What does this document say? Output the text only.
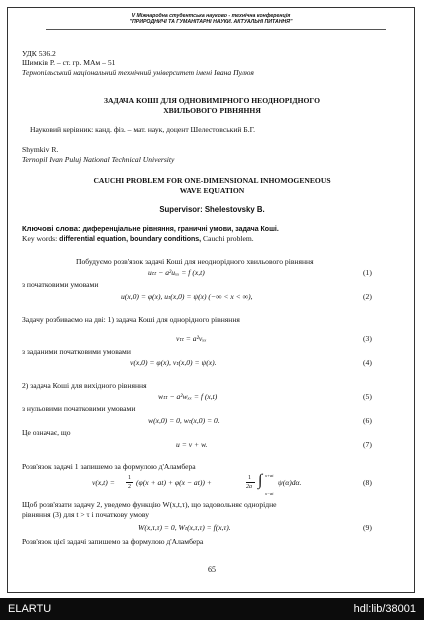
V Міжнародна студентська науково - технічна конференція
"ПРИРОДНИЧІ ТА ГУМАНІТАРНІ НАУКИ. АКТУАЛЬНІ ПИТАННЯ"
УДК 536.2
Шимків Р. – ст. гр. МАм – 51
Тернопільський національний технічний університет імені Івана Пулюя
ЗАДАЧА КОШІ ДЛЯ ОДНОВИМІРНОГО НЕОДНОРІДНОГО
ХВИЛЬОВОГО РІВНЯННЯ
Науковий керівник: канд. фіз. – мат. наук, доцент Шелестовський Б.Г.
Shymkiv R.
Ternopil Ivan Puluj National Technical University
CAUCHI PROBLEM FOR ONE-DIMENSIONAL INHOMOGENEOUS
WAVE EQUATION
Supervisor: Shelestovsky B.
Ключові слова: диференціальне рівняння, граничні умови, задача Коші.
Key words: differential equation, boundary conditions, Cauchi problem.
Побудуємо розв'язок задачі Коші для неоднорідного хвильового рівняння
uₜₜ − a²uₓₓ = f (x,t)	(1)
з початковими умовами
u(x,0) = φ(x), uₜ(x,0) = ψ(x) (−∞ < x < ∞),	(2)
Задачу розбиваємо на дві: 1) задача Коші для однорідного рівняння
vₜₜ = a²vₓₓ	(3)
з заданими початковими умовами
v(x,0) = φ(x), vₜ(x,0) = ψ(x).	(4)
2) задача Коші для вихідного рівняння
wₜₜ − a²wₓₓ = f (x,t)	(5)
з нульовими початковими умовами
w(x,0) = 0, wₜ(x,0) = 0.	(6)
Це означає, що
u = v + w.	(7)
Розв'язок задачі 1 запишемо за формулою д'Аламбера
v(x,t) = 1
2 (φ(x + at) + φ(x − at)) +	1
2a
x+at
∫
x−at
ψ(α)dα.	(8)
Щоб розв'язати задачу 2, уведемо функцію W(x,t,τ), що задовольняє однорідне
рівняння (3) для t > τ і початкову умову
W(x,τ,τ) = 0, Wₜ(x,τ,τ) = f(x,τ).	(9)
Розв'язок цієї задачі запишемо за формулою д'Аламбера
65
ELARTU	hdl:lib/38001
